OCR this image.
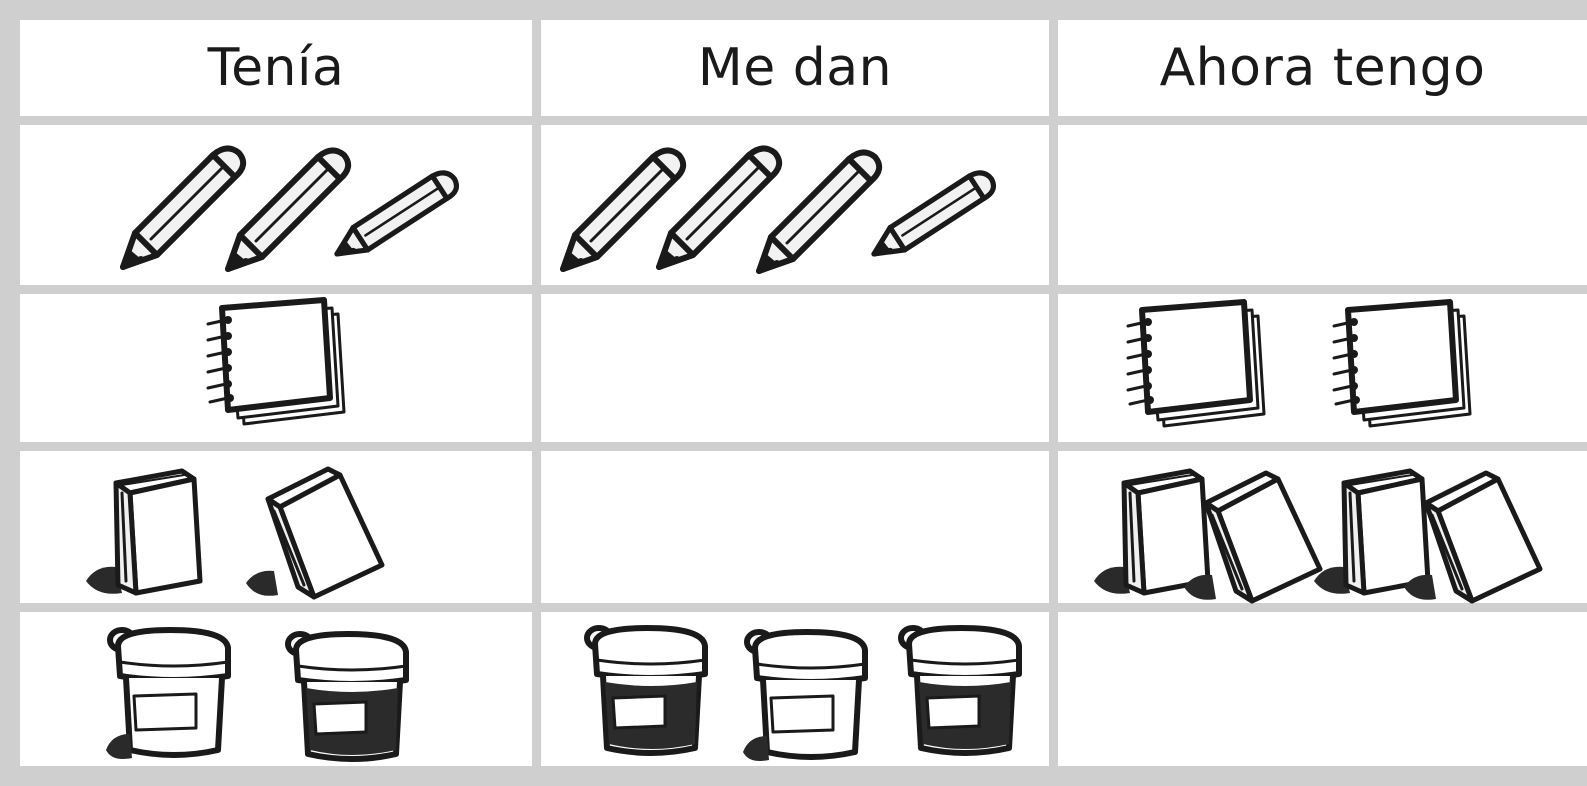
Tenía	Me dan	Ahora tengo
